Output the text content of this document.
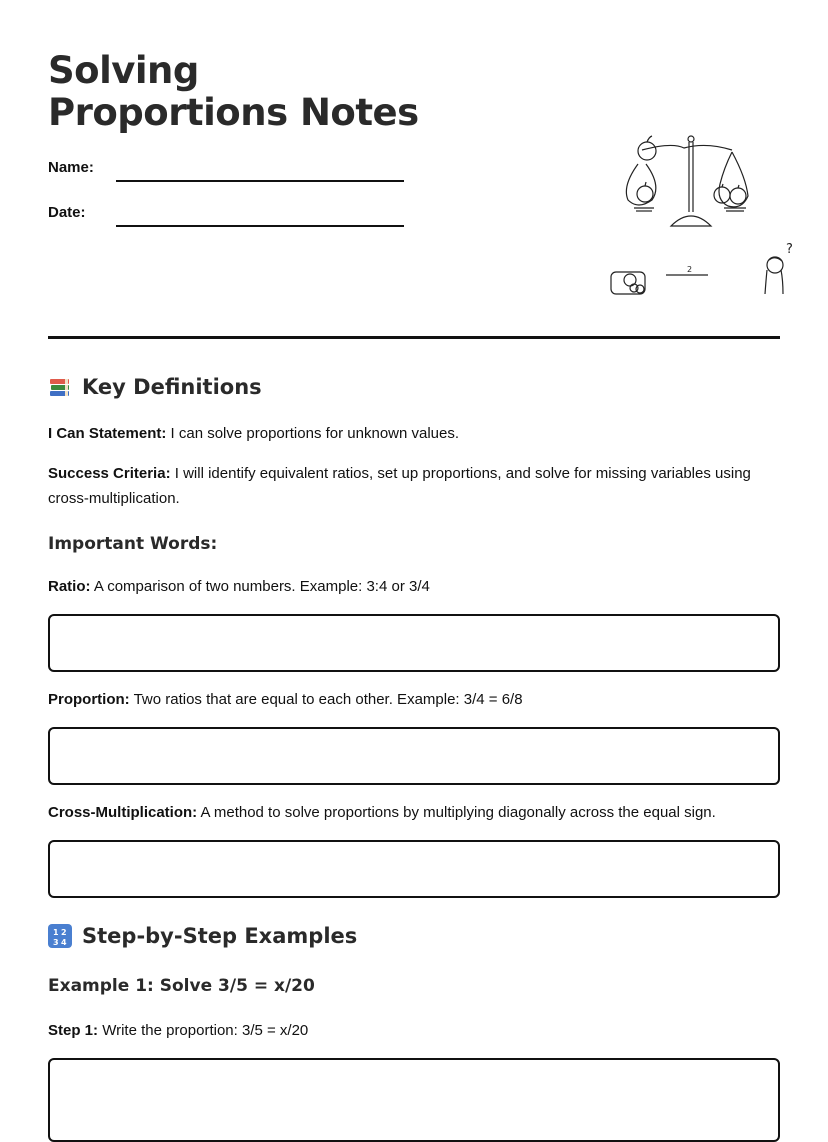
Solving Proportions Notes
Name:
Date:
2
?
Key Definitions
I Can Statement: I can solve proportions for unknown values.
Success Criteria: I will identify equivalent ratios, set up proportions, and solve for missing variables using cross-multiplication.
Important Words:
Ratio: A comparison of two numbers. Example: 3:4 or 3/4
Proportion: Two ratios that are equal to each other. Example: 3/4 = 6/8
Cross-Multiplication: A method to solve proportions by multiplying diagonally across the equal sign.
1 2
3 4 Step-by-Step Examples
Example 1: Solve 3/5 = x/20
Step 1: Write the proportion: 3/5 = x/20
